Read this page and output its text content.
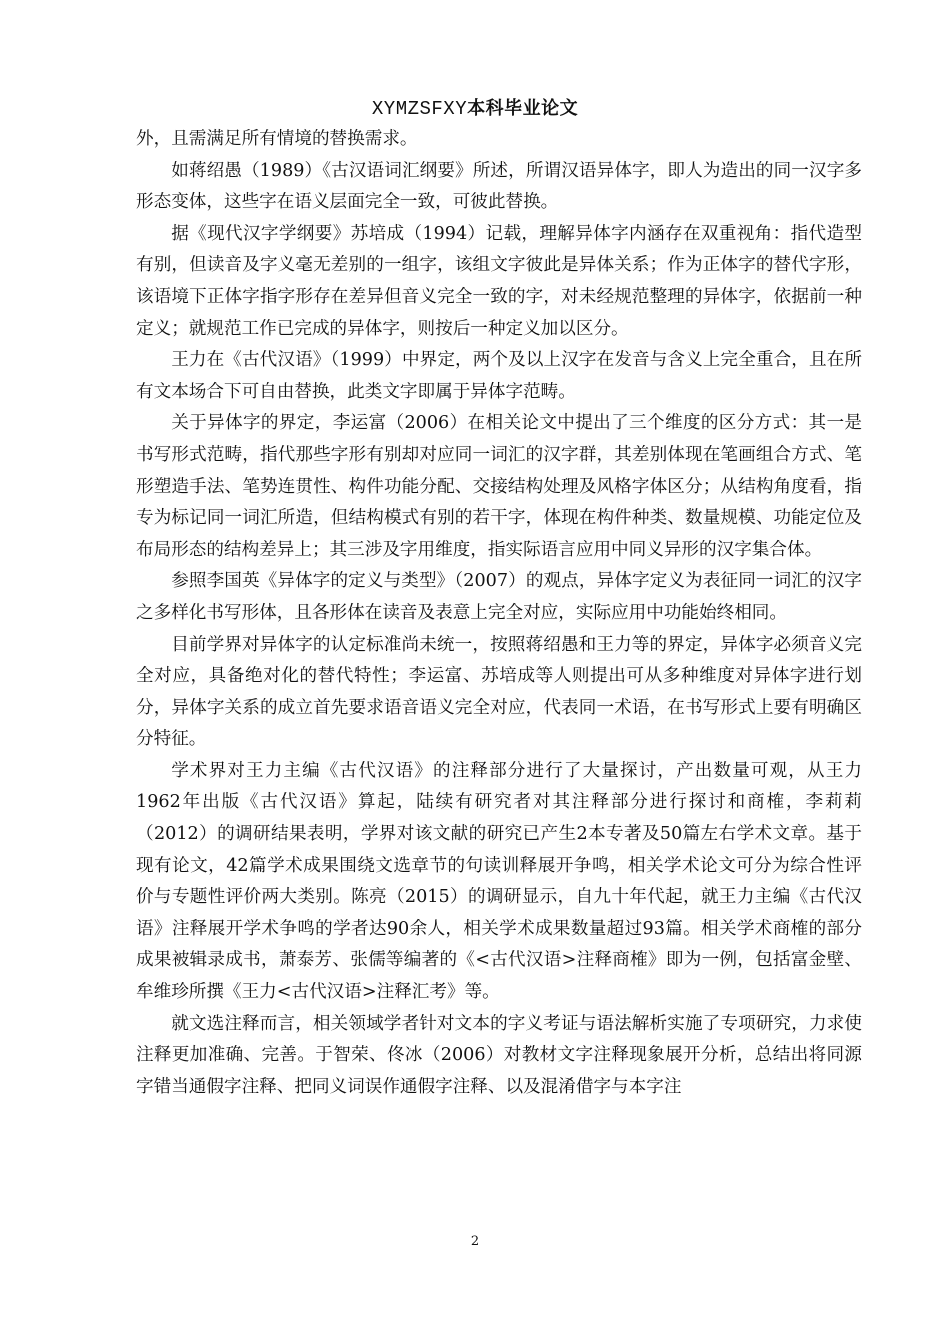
XYMZSFXY本科毕业论文

外，且需满足所有情境的替换需求。

如蒋绍愚（1989）《古汉语词汇纲要》所述，所谓汉语异体字，即人为造出的同一汉字多形态变体，这些字在语义层面完全一致，可彼此替换。

据《现代汉字学纲要》苏培成（1994）记载，理解异体字内涵存在双重视角：指代造型有别，但读音及字义毫无差别的一组字，该组文字彼此是异体关系；作为正体字的替代字形，该语境下正体字指字形存在差异但音义完全一致的字，对未经规范整理的异体字，依据前一种定义；就规范工作已完成的异体字，则按后一种定义加以区分。

王力在《古代汉语》（1999）中界定，两个及以上汉字在发音与含义上完全重合，且在所有文本场合下可自由替换，此类文字即属于异体字范畴。

关于异体字的界定，李运富（2006）在相关论文中提出了三个维度的区分方式：其一是书写形式范畴，指代那些字形有别却对应同一词汇的汉字群，其差别体现在笔画组合方式、笔形塑造手法、笔势连贯性、构件功能分配、交接结构处理及风格字体区分；从结构角度看，指专为标记同一词汇所造，但结构模式有别的若干字，体现在构件种类、数量规模、功能定位及布局形态的结构差异上；其三涉及字用维度，指实际语言应用中同义异形的汉字集合体。

参照李国英《异体字的定义与类型》（2007）的观点，异体字定义为表征同一词汇的汉字之多样化书写形体，且各形体在读音及表意上完全对应，实际应用中功能始终相同。

目前学界对异体字的认定标准尚未统一，按照蒋绍愚和王力等的界定，异体字必须音义完全对应，具备绝对化的替代特性；李运富、苏培成等人则提出可从多种维度对异体字进行划分，异体字关系的成立首先要求语音语义完全对应，代表同一术语，在书写形式上要有明确区分特征。

学术界对王力主编《古代汉语》的注释部分进行了大量探讨，产出数量可观，从王力1962年出版《古代汉语》算起，陆续有研究者对其注释部分进行探讨和商榷，李莉莉（2012）的调研结果表明，学界对该文献的研究已产生2本专著及50篇左右学术文章。基于现有论文，42篇学术成果围绕文选章节的句读训释展开争鸣，相关学术论文可分为综合性评价与专题性评价两大类别。陈亮（2015）的调研显示，自九十年代起，就王力主编《古代汉语》注释展开学术争鸣的学者达90余人，相关学术成果数量超过93篇。相关学术商榷的部分成果被辑录成书，萧泰芳、张儒等编著的《<古代汉语>注释商榷》即为一例，包括富金壁、牟维珍所撰《王力<古代汉语>注释汇考》等。

就文选注释而言，相关领域学者针对文本的字义考证与语法解析实施了专项研究，力求使注释更加准确、完善。于智荣、佟冰（2006）对教材文字注释现象展开分析，总结出将同源字错当通假字注释、把同义词误作通假字注释、以及混淆借字与本字注

2
